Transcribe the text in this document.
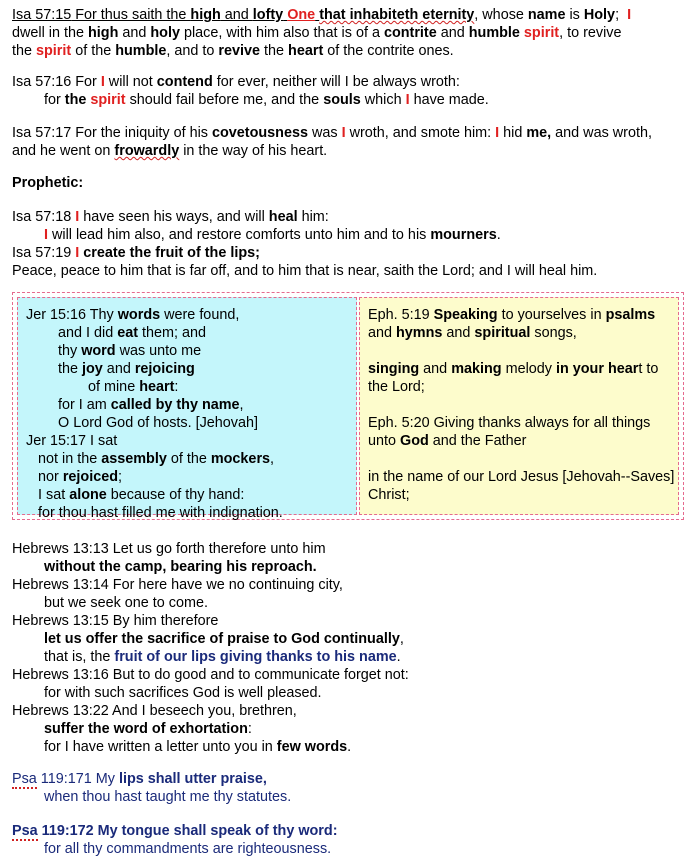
Isa 57:15 For thus saith the high and lofty One that inhabiteth eternity, whose name is Holy;  I
dwell in the high and holy place, with him also that is of a contrite and humble spirit, to revive
the spirit of the humble, and to revive the heart of the contrite ones.
Isa 57:16 For I will not contend for ever, neither will I be always wroth:
for the spirit should fail before me, and the souls which I have made.
Isa 57:17 For the iniquity of his covetousness was I wroth, and smote him: I hid me, and was wroth,
and he went on frowardly in the way of his heart.
Prophetic:
Isa 57:18 I have seen his ways, and will heal him:
I will lead him also, and restore comforts unto him and to his mourners.
Isa 57:19 I create the fruit of the lips;
Peace, peace to him that is far off, and to him that is near, saith the Lord; and I will heal him.
Jer 15:16 Thy words were found,
and I did eat them; and
thy word was unto me
the joy and rejoicing
of mine heart:
for I am called by thy name,
O Lord God of hosts. [Jehovah]
Jer 15:17 I sat
not in the assembly of the mockers,
nor rejoiced;
I sat alone because of thy hand:
for thou hast filled me with indignation.
Eph. 5:19 Speaking to yourselves in psalms
and hymns and spiritual songs,

singing and making melody in your heart to
the Lord;

Eph. 5:20 Giving thanks always for all things
unto God and the Father

in the name of our Lord Jesus [Jehovah--Saves]
Christ;
Hebrews 13:13 Let us go forth therefore unto him
without the camp, bearing his reproach.
Hebrews 13:14 For here have we no continuing city,
but we seek one to come.
Hebrews 13:15 By him therefore
let us offer the sacrifice of praise to God continually,
that is, the fruit of our lips giving thanks to his name.
Hebrews 13:16 But to do good and to communicate forget not:
for with such sacrifices God is well pleased.
Hebrews 13:22 And I beseech you, brethren,
suffer the word of exhortation:
for I have written a letter unto you in few words.
Psa 119:171 My lips shall utter praise,
when thou hast taught me thy statutes.
Psa 119:172 My tongue shall speak of thy word:
for all thy commandments are righteousness.
